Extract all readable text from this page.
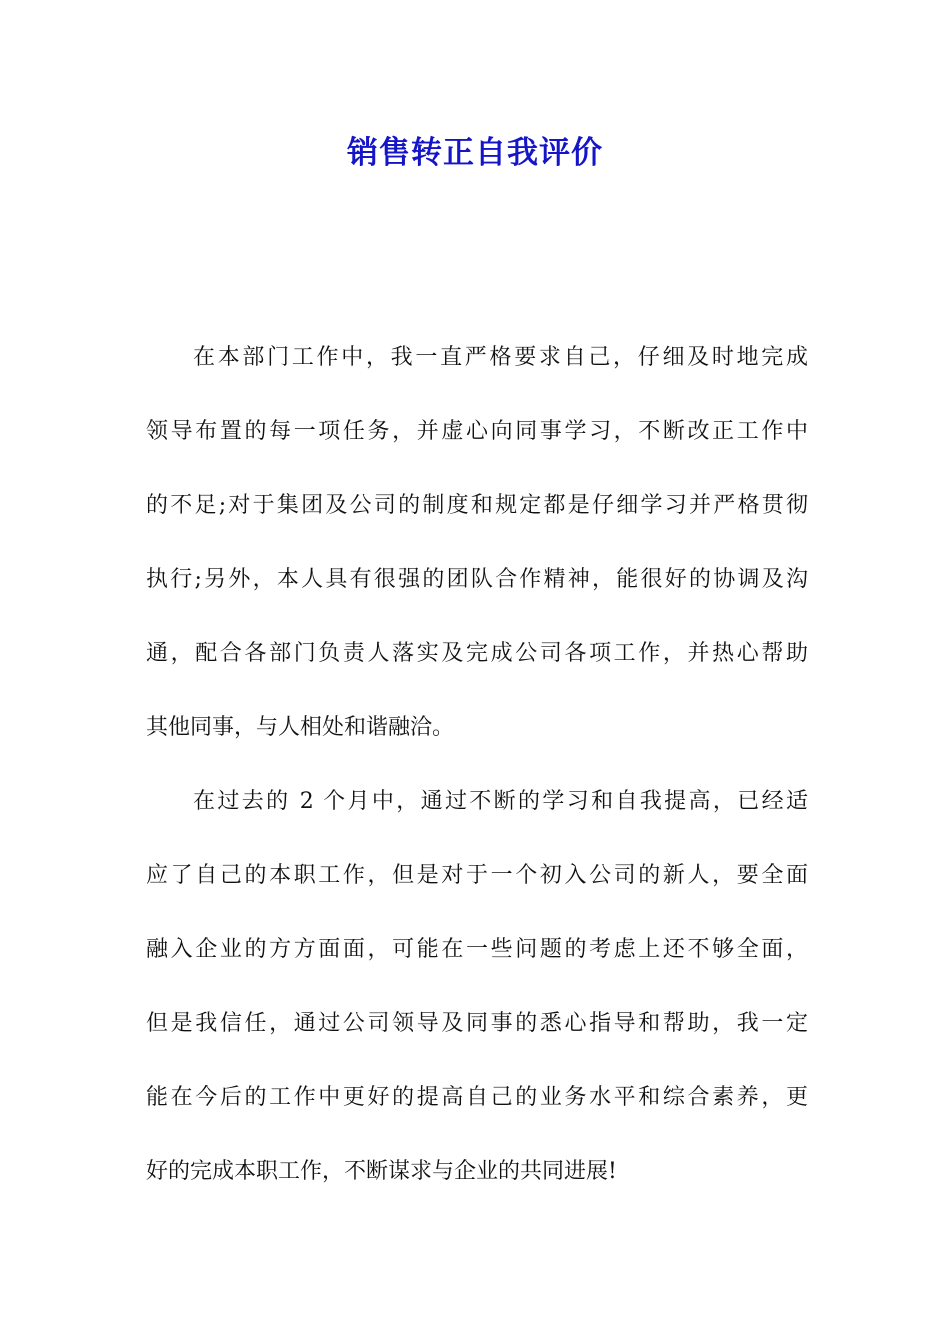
销售转正自我评价
在本部门工作中，我一直严格要求自己，仔细及时地完成
领导布置的每一项任务，并虚心向同事学习，不断改正工作中
的不足;对于集团及公司的制度和规定都是仔细学习并严格贯彻
执行;另外，本人具有很强的团队合作精神，能很好的协调及沟
通，配合各部门负责人落实及完成公司各项工作，并热心帮助
其他同事，与人相处和谐融洽。
在过去的 2 个月中，通过不断的学习和自我提高，已经适
应了自己的本职工作，但是对于一个初入公司的新人，要全面
融入企业的方方面面，可能在一些问题的考虑上还不够全面，
但是我信任，通过公司领导及同事的悉心指导和帮助，我一定
能在今后的工作中更好的提高自己的业务水平和综合素养，更
好的完成本职工作，不断谋求与企业的共同进展!
